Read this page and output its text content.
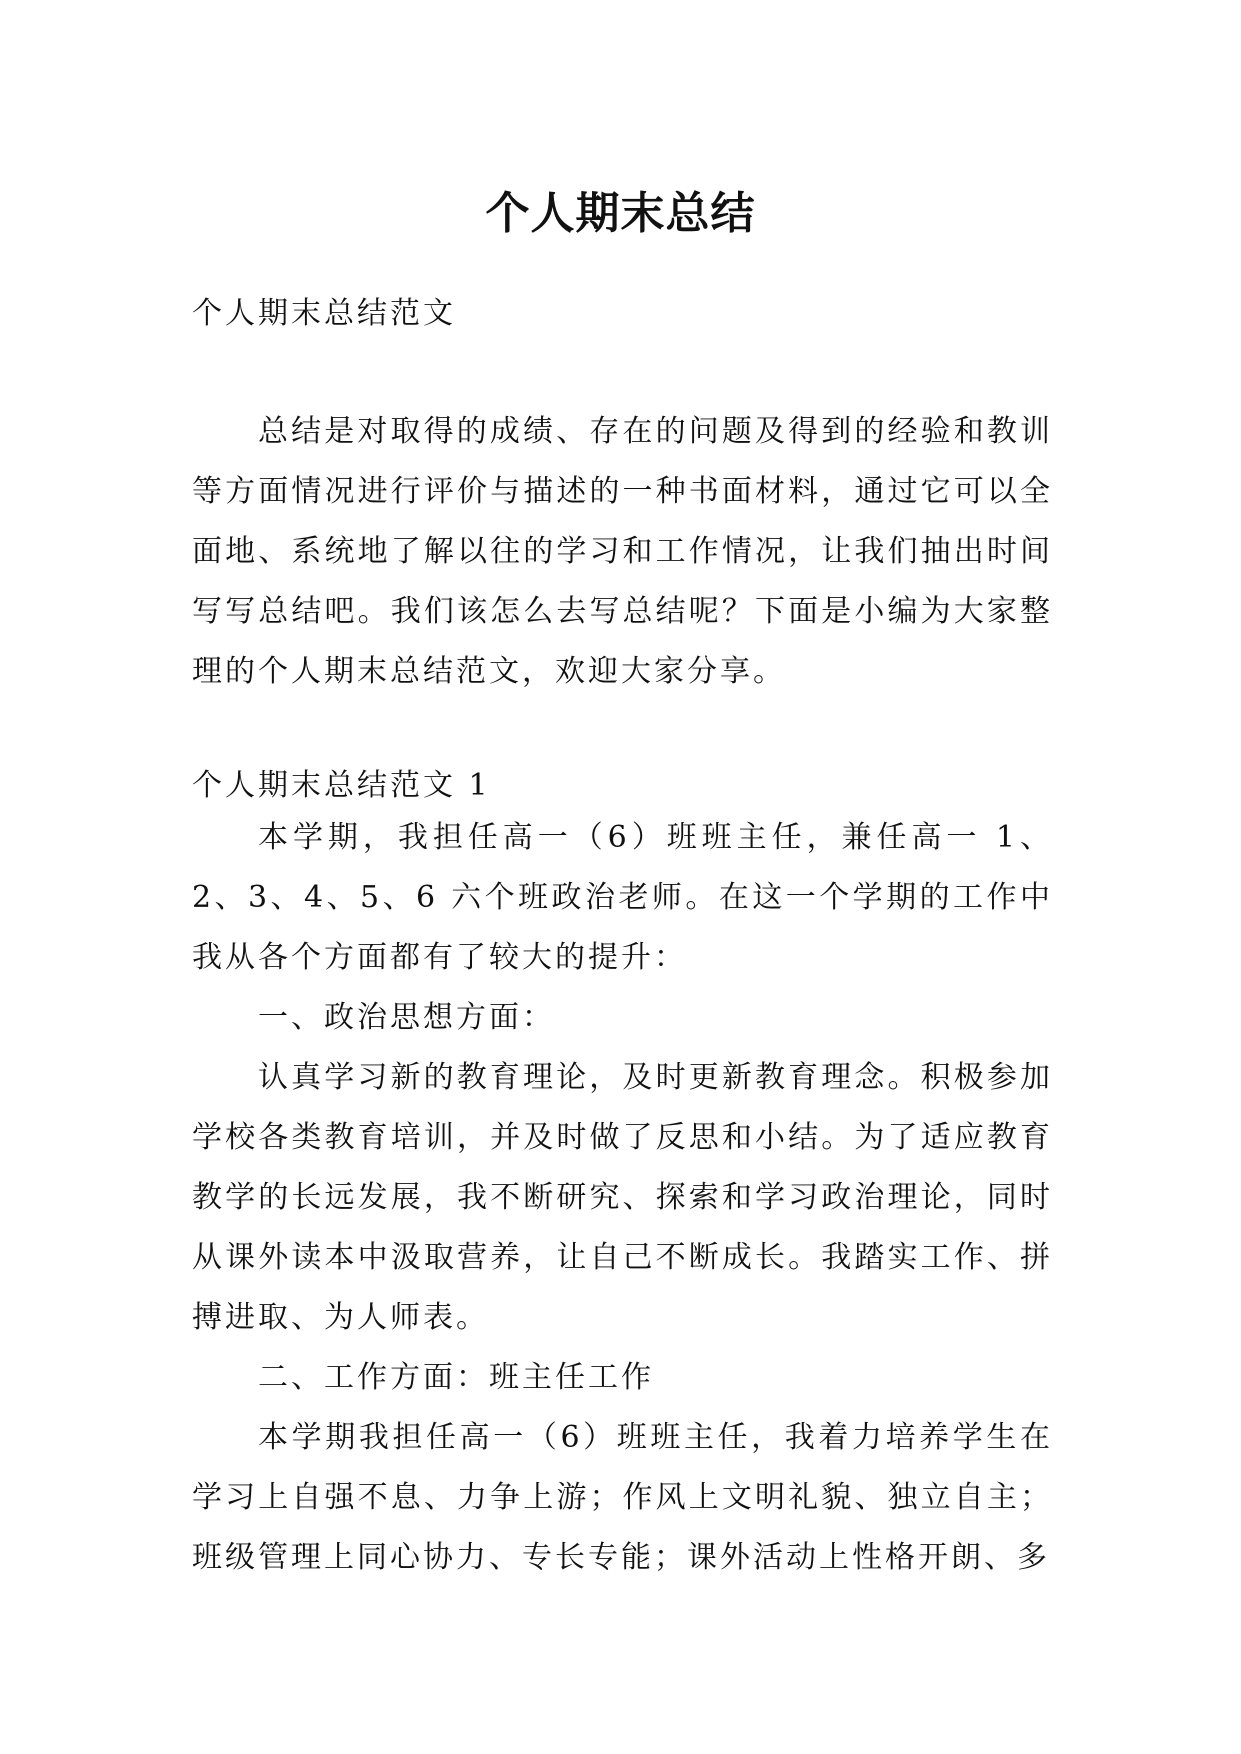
个人期末总结
个人期末总结范文

总结是对取得的成绩、存在的问题及得到的经验和教训等方面情况进行评价与描述的一种书面材料，通过它可以全面地、系统地了解以往的学习和工作情况，让我们抽出时间写写总结吧。我们该怎么去写总结呢？下面是小编为大家整理的个人期末总结范文，欢迎大家分享。

个人期末总结范文 1

本学期，我担任高一（6）班班主任，兼任高一 1、2、3、4、5、6 六个班政治老师。在这一个学期的工作中我从各个方面都有了较大的提升：

一、政治思想方面：

认真学习新的教育理论，及时更新教育理念。积极参加学校各类教育培训，并及时做了反思和小结。为了适应教育教学的长远发展，我不断研究、探索和学习政治理论，同时从课外读本中汲取营养，让自己不断成长。我踏实工作、拼搏进取、为人师表。

二、工作方面：班主任工作

本学期我担任高一（6）班班主任，我着力培养学生在学习上自强不息、力争上游；作风上文明礼貌、独立自主；班级管理上同心协力、专长专能；课外活动上性格开朗、多
